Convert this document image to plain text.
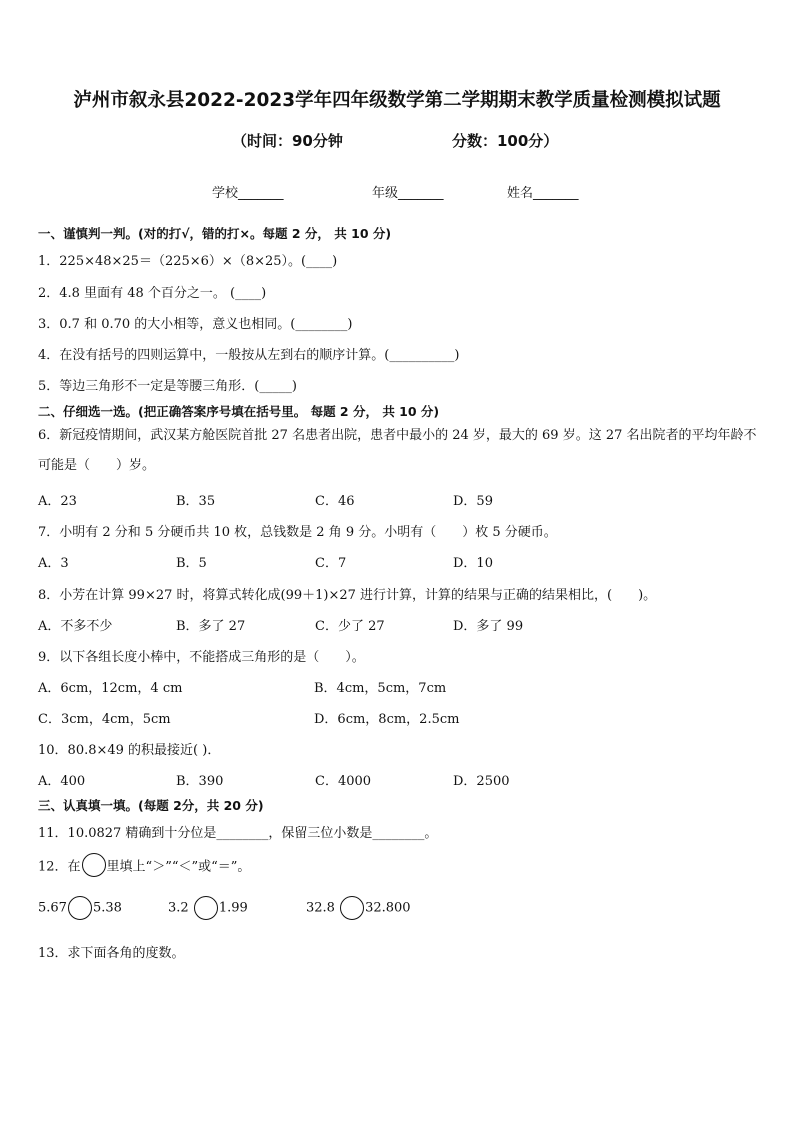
泸州市叙永县2022-2023学年四年级数学第二学期期末教学质量检测模拟试题
（时间：90分钟	分数：100分）
学校_______	年级_______	姓名_______
一、谨慎判一判。(对的打√，错的打×。每题 2 分， 共 10 分)
1．225×48×25＝（225×6）×（8×25）。(____)
2．4.8 里面有 48 个百分之一。 (____)
3．0.7 和 0.70 的大小相等，意义也相同。(________)
4．在没有括号的四则运算中，一般按从左到右的顺序计算。(__________)
5．等边三角形不一定是等腰三角形．(_____)
二、仔细选一选。(把正确答案序号填在括号里。 每题 2 分， 共 10 分)
6．新冠疫情期间，武汉某方舱医院首批 27 名患者出院，患者中最小的 24 岁，最大的 69 岁。这 27 名出院者的平均年龄不可能是（　　）岁。
A．23	B．35	C．46	D．59
7．小明有 2 分和 5 分硬币共 10 枚，总钱数是 2 角 9 分。小明有（　　）枚 5 分硬币。
A．3	B．5	C．7	D．10
8．小芳在计算 99×27 时，将算式转化成(99＋1)×27 进行计算，计算的结果与正确的结果相比，(　　)。
A．不多不少	B．多了 27	C．少了 27	D．多了 99
9．以下各组长度小棒中，不能搭成三角形的是（　　）。
A．6cm，12cm，4 cm	B．4cm，5cm，7cm
C．3cm，4cm，5cm	D．6cm，8cm，2.5cm
10．80.8×49 的积最接近( )．
A．400	B．390	C．4000	D．2500
三、认真填一填。(每题 2分，共 20 分)
11．10.0827 精确到十分位是________，保留三位小数是________。
12．在 里填上“＞”“＜”或“＝”。
5.67 5.38	3.2 1.99	32.8 32.800
13．求下面各角的度数。
